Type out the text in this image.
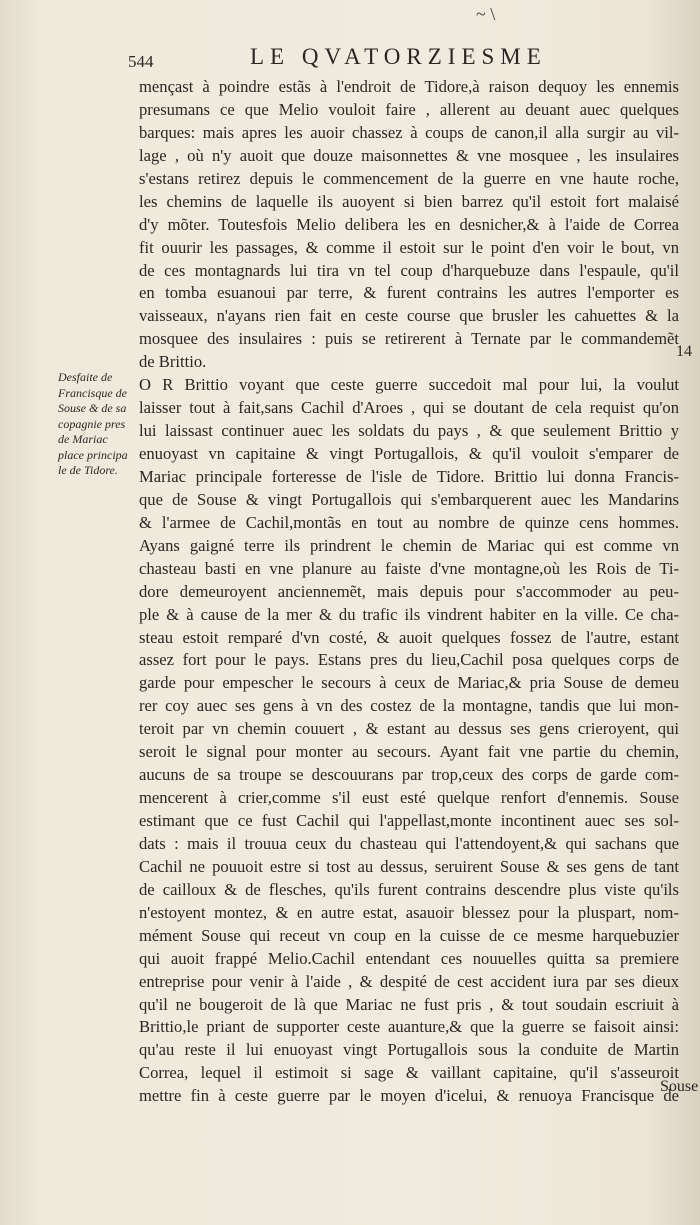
~ \
544	LE QVATORZIESME
Desfaite de
Francisque de
Souse & de sa
copagnie pres
de Mariac
place principa
le de Tidore.
14
mençast à poindre estãs à l'endroit de Tidore,à raison dequoy les ennemis
presumans ce que Melio vouloit faire , allerent au deuant auec quelques
barques: mais apres les auoir chassez à coups de canon,il alla surgir au vil-
lage , où n'y auoit que douze maisonnettes & vne mosquee , les insulaires
s'estans retirez depuis le commencement de la guerre en vne haute roche,
les chemins de laquelle ils auoyent si bien barrez qu'il estoit fort malaisé
d'y mõter. Toutesfois Melio delibera les en desnicher,& à l'aide de Correa
fit ouurir les passages, & comme il estoit sur le point d'en voir le bout, vn
de ces montagnards lui tira vn tel coup d'harquebuze dans l'espaule, qu'il
en tomba esuanoui par terre, & furent contrains les autres l'emporter es
vaisseaux, n'ayans rien fait en ceste course que brusler les cahuettes & la
mosquee des insulaires : puis se retirerent à Ternate par le commandemẽt
de Brittio.
O R Brittio voyant que ceste guerre succedoit mal pour lui, la voulut
laisser tout à fait,sans Cachil d'Aroes , qui se doutant de cela requist qu'on
lui laissast continuer auec les soldats du pays , & que seulement Brittio y
enuoyast vn capitaine & vingt Portugallois, & qu'il vouloit s'emparer de
Mariac principale forteresse de l'isle de Tidore. Brittio lui donna Francis-
que de Souse & vingt Portugallois qui s'embarquerent auec les Mandarins
& l'armee de Cachil,montãs en tout au nombre de quinze cens hommes.
Ayans gaigné terre ils prindrent le chemin de Mariac qui est comme vn
chasteau basti en vne planure au faiste d'vne montagne,où les Rois de Ti-
dore demeuroyent anciennemẽt, mais depuis pour s'accommoder au peu-
ple & à cause de la mer & du trafic ils vindrent habiter en la ville. Ce cha-
steau estoit remparé d'vn costé, & auoit quelques fossez de l'autre, estant
assez fort pour le pays. Estans pres du lieu,Cachil posa quelques corps de
garde pour empescher le secours à ceux de Mariac,& pria Souse de demeu
rer coy auec ses gens à vn des costez de la montagne, tandis que lui mon-
teroit par vn chemin couuert , & estant au dessus ses gens crieroyent, qui
seroit le signal pour monter au secours. Ayant fait vne partie du chemin,
aucuns de sa troupe se descouurans par trop,ceux des corps de garde com-
mencerent à crier,comme s'il eust esté quelque renfort d'ennemis. Souse
estimant que ce fust Cachil qui l'appellast,monte incontinent auec ses sol-
dats : mais il trouua ceux du chasteau qui l'attendoyent,& qui sachans que
Cachil ne pouuoit estre si tost au dessus, seruirent Souse & ses gens de tant
de cailloux & de flesches, qu'ils furent contrains descendre plus viste qu'ils
n'estoyent montez, & en autre estat, asauoir blessez pour la pluspart, nom-
mément Souse qui receut vn coup en la cuisse de ce mesme harquebuzier
qui auoit frappé Melio.Cachil entendant ces nouuelles quitta sa premiere
entreprise pour venir à l'aide , & despité de cest accident iura par ses dieux
qu'il ne bougeroit de là que Mariac ne fust pris , & tout soudain escriuit à
Brittio,le priant de supporter ceste auanture,& que la guerre se faisoit ainsi:
qu'au reste il lui enuoyast vingt Portugallois sous la conduite de Martin
Correa, lequel il estimoit si sage & vaillant capitaine, qu'il s'asseuroit
mettre fin à ceste guerre par le moyen d'icelui, & renuoya Francisque de
Souse
